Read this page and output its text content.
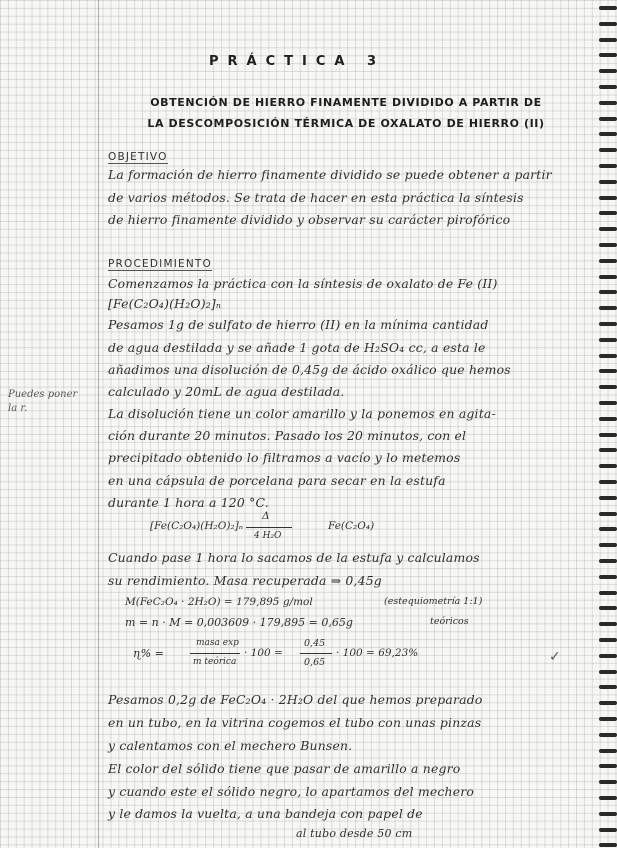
PRÁCTICA 3
OBTENCIÓN DE HIERRO FINAMENTE DIVIDIDO A PARTIR DE
LA DESCOMPOSICIÓN TÉRMICA DE OXALATO DE HIERRO (II)
OBJETIVO
La formación de hierro finamente dividido se puede obtener a partir
de varios métodos. Se trata de hacer en esta práctica la síntesis
de hierro finamente dividido y observar su carácter pirofórico
PROCEDIMIENTO
Comenzamos la práctica con la síntesis de oxalato de Fe (II)
[Fe(C₂O₄)(H₂O)₂]ₙ
Pesamos 1g de sulfato de hierro (II) en la mínima cantidad
de agua destilada y se añade 1 gota de H₂SO₄ cc, a esta le
añadimos una disolución de 0,45g de ácido oxálico que hemos
calculado y 20mL de agua destilada.
La disolución tiene un color amarillo y la ponemos en agita-
ción durante 20 minutos. Pasado los 20 minutos, con el
precipitado obtenido lo filtramos a vacío y lo metemos
en una cápsula de porcelana para secar en la estufa
durante 1 hora a 120 °C.
Puedes poner
la r.
[Fe(C₂O₄)(H₂O)₂]ₙ
Δ
4 H₂O
Fe(C₂O₄)
Cuando pase 1 hora lo sacamos de la estufa y calculamos
su rendimiento. Masa recuperada ⇒ 0,45g
M(FeC₂O₄ · 2H₂O) = 179,895 g/mol	(estequiometría 1:1)
m = n · M = 0,003609 · 179,895 = 0,65g	teóricos
ɳ% =
masa exp
m teórica
· 100 =
0,45
0,65
· 100 = 69,23%	✓
Pesamos 0,2g de FeC₂O₄ · 2H₂O del que hemos preparado
en un tubo, en la vitrina cogemos el tubo con unas pinzas
y calentamos con el mechero Bunsen.
El color del sólido tiene que pasar de amarillo a negro
y cuando este el sólido negro, lo apartamos del mechero
y le damos la vuelta, a una bandeja con papel de
al tubo desde 50 cm
